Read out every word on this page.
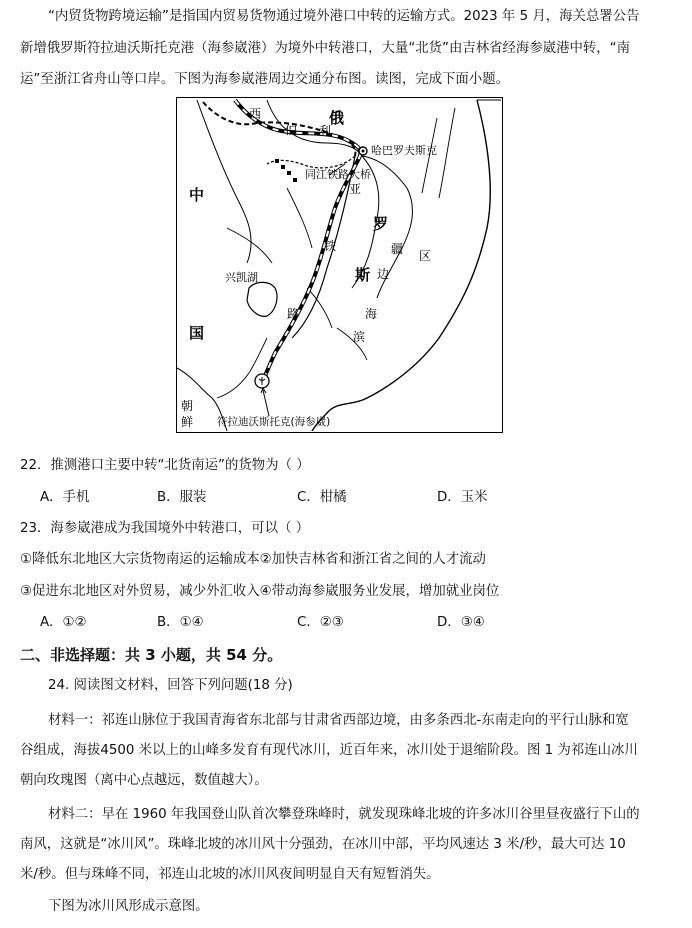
“内贸货物跨境运输”是指国内贸易货物通过境外港口中转的运输方式。2023 年 5 月，海关总署公告
新增俄罗斯符拉迪沃斯托克港（海参崴港）为境外中转港口，大量“北货”由吉林省经海参崴港中转，“南
运”至浙江省舟山等口岸。下图为海参崴港周边交通分布图。读图，完成下面小题。
西
伯 利
亚
俄
罗
斯
中
国
朝
鲜
铁
路
区
疆
边
海
滨
哈巴罗夫斯克
同江铁路大桥
兴凯湖
符拉迪沃斯托克(海参崴)
22．推测港口主要中转“北货南运”的货物为（ ）
A．手机	B．服装	C．柑橘	D．玉米
23．海参崴港成为我国境外中转港口，可以（ ）
①降低东北地区大宗货物南运的运输成本②加快吉林省和浙江省之间的人才流动
③促进东北地区对外贸易，减少外汇收入④带动海参崴服务业发展，增加就业岗位
A．①②	B．①④	C．②③	D．③④
二、非选择题：共 3 小题，共 54 分。
24. 阅读图文材料，回答下列问题(18 分)
材料一：祁连山脉位于我国青海省东北部与甘肃省西部边境，由多条西北-东南走向的平行山脉和宽
谷组成，海拔4500 米以上的山峰多发育有现代冰川，近百年来，冰川处于退缩阶段。图 1 为祁连山冰川
朝向玫瑰图（离中心点越远，数值越大）。
材料二：早在 1960 年我国登山队首次攀登珠峰时，就发现珠峰北坡的许多冰川谷里昼夜盛行下山的
南风，这就是“冰川风”。珠峰北坡的冰川风十分强劲，在冰川中部，平均风速达 3 米/秒，最大可达 10
米/秒。但与珠峰不同，祁连山北坡的冰川风夜间明显自天有短暂消失。
下图为冰川风形成示意图。
